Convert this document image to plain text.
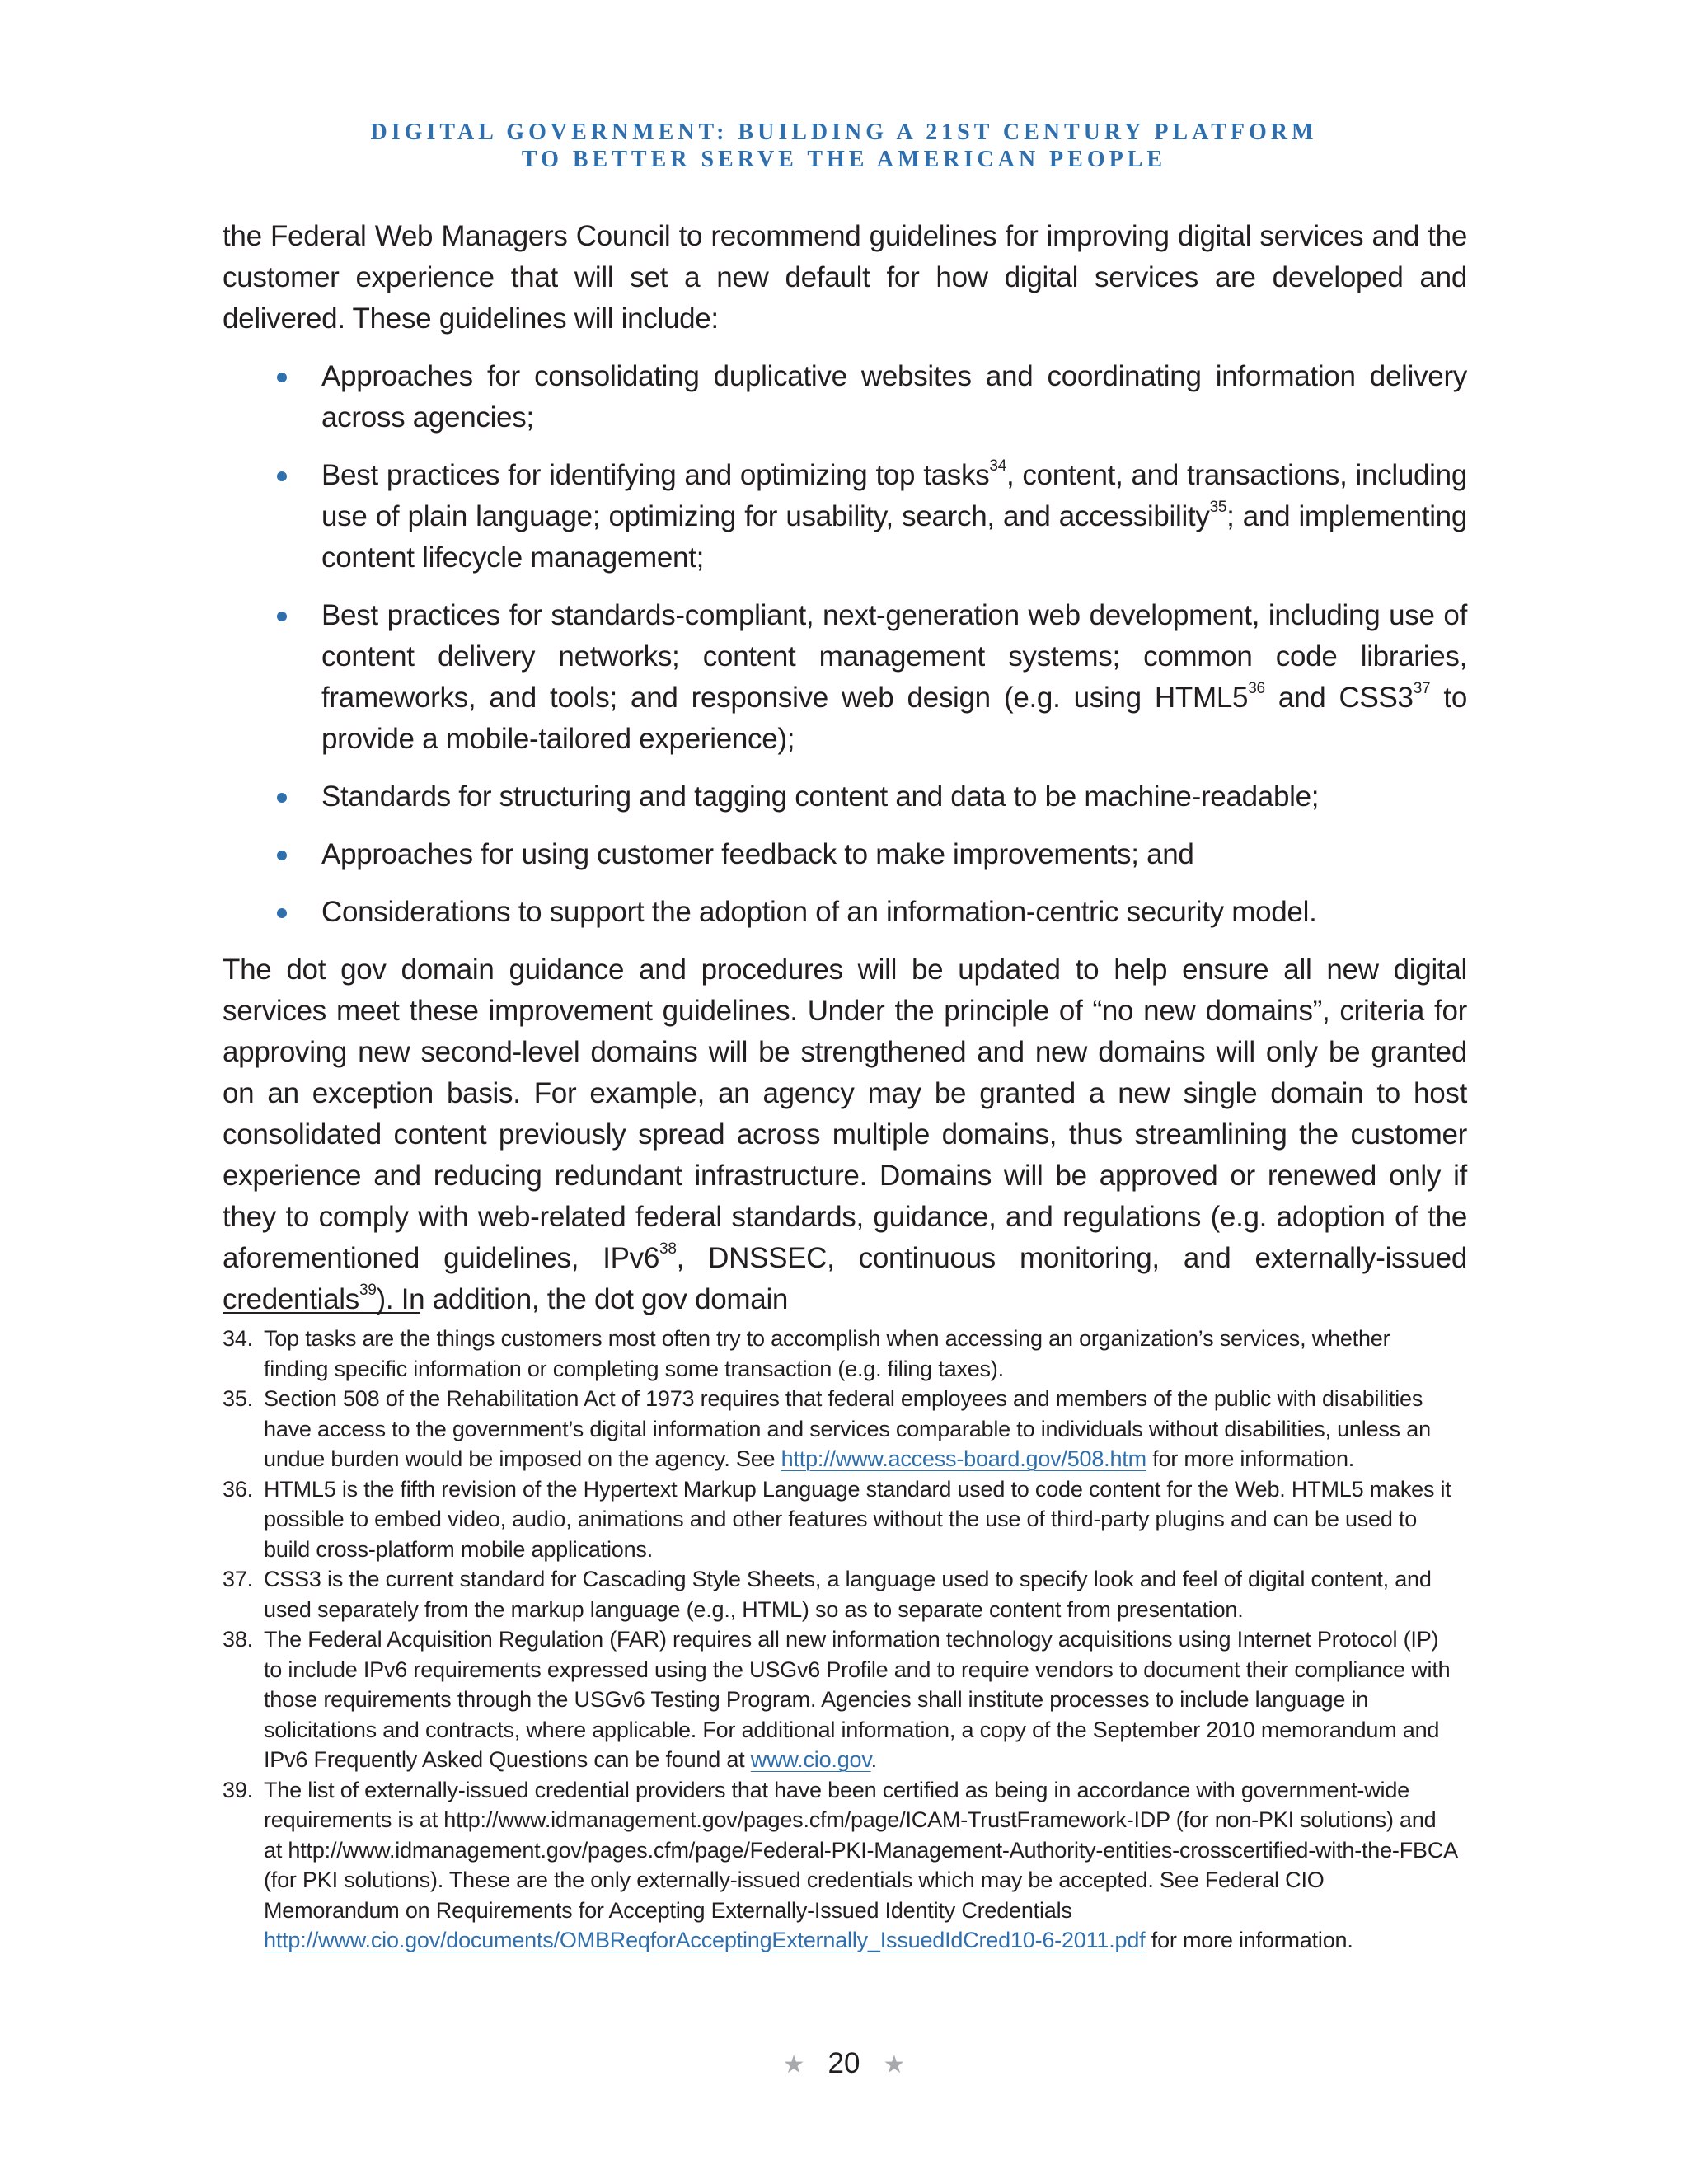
DIGITAL GOVERNMENT: BUILDING A 21ST CENTURY PLATFORM
TO BETTER SERVE THE AMERICAN PEOPLE

the Federal Web Managers Council to recommend guidelines for improving digital services and the customer experience that will set a new default for how digital services are developed and delivered. These guidelines will include:

Approaches for consolidating duplicative websites and coordinating information delivery across agencies;
Best practices for identifying and optimizing top tasks$^{34}$, content, and transactions, including use of plain language; optimizing for usability, search, and accessibility$^{35}$; and implementing content lifecycle management;
Best practices for standards-compliant, next-generation web development, including use of content delivery networks; content management systems; common code libraries, frameworks, and tools; and responsive web design (e.g. using $HTML5^{36}$ and $CSS3^{37}$ to provide a mobile-tailored experience);
Standards for structuring and tagging content and data to be machine-readable;
Approaches for using customer feedback to make improvements; and
Considerations to support the adoption of an information-centric security model.

The dot gov domain guidance and procedures will be updated to help ensure all new digital services meet these improvement guidelines. Under the principle of “no new domains”, criteria for approving new second-level domains will be strengthened and new domains will only be granted on an exception basis. For example, an agency may be granted a new single domain to host consolidated content previously spread across multiple domains, thus streamlining the customer experience and reducing redundant infrastructure. Domains will be approved or renewed only if they to comply with web-related federal standards, guidance, and regulations (e.g. adoption of the aforementioned guidelines, $IPv6^{38}$, DNSSEC, continuous monitoring, and externally-issued credentials$^{39}$). In addition, the dot gov domain

34. Top tasks are the things customers most often try to accomplish when accessing an organization’s services, whether finding specific information or completing some transaction (e.g. filing taxes).
35. Section 508 of the Rehabilitation Act of 1973 requires that federal employees and members of the public with disabilities have access to the government’s digital information and services comparable to individuals without disabilities, unless an undue burden would be imposed on the agency. See http://www.access-board.gov/508.htm for more information.
36. HTML5 is the fifth revision of the Hypertext Markup Language standard used to code content for the Web. HTML5 makes it possible to embed video, audio, animations and other features without the use of third-party plugins and can be used to build cross-platform mobile applications.
37. CSS3 is the current standard for Cascading Style Sheets, a language used to specify look and feel of digital content, and used separately from the markup language (e.g., HTML) so as to separate content from presentation.
38. The Federal Acquisition Regulation (FAR) requires all new information technology acquisitions using Internet Protocol (IP) to include IPv6 requirements expressed using the USGv6 Profile and to require vendors to document their compliance with those requirements through the USGv6 Testing Program. Agencies shall institute processes to include language in solicitations and contracts, where applicable. For additional information, a copy of the September 2010 memorandum and IPv6 Frequently Asked Questions can be found at www.cio.gov.
39. The list of externally-issued credential providers that have been certified as being in accordance with government-wide requirements is at http://www.idmanagement.gov/pages.cfm/page/ICAM-TrustFramework-IDP (for non-PKI solutions) and at http://www.idmanagement.gov/pages.cfm/page/Federal-PKI-Management-Authority-entities-crosscertified-with-the-FBCA (for PKI solutions). These are the only externally-issued credentials which may be accepted. See Federal CIO Memorandum on Requirements for Accepting Externally-Issued Identity Credentials http://www.cio.gov/documents/OMBReqforAcceptingExternally_IssuedIdCred10-6-2011.pdf for more information.
★ 20 ★
